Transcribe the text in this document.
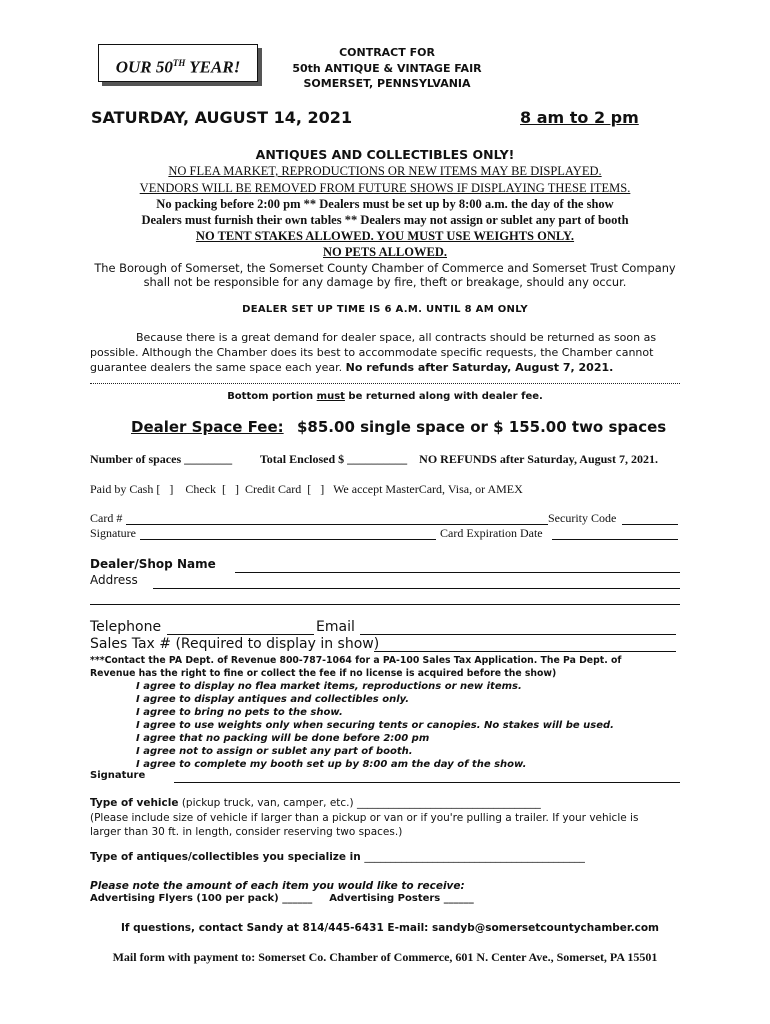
OUR 50TH YEAR!
CONTRACT FOR
50th ANTIQUE & VINTAGE FAIR
SOMERSET, PENNSYLVANIA
SATURDAY, AUGUST 14, 2021	8 am to 2 pm
ANTIQUES AND COLLECTIBLES ONLY!
NO FLEA MARKET, REPRODUCTIONS OR NEW ITEMS MAY BE DISPLAYED.
VENDORS WILL BE REMOVED FROM FUTURE SHOWS IF DISPLAYING THESE ITEMS.
No packing before 2:00 pm ** Dealers must be set up by 8:00 a.m. the day of the show
Dealers must furnish their own tables ** Dealers may not assign or sublet any part of booth
NO TENT STAKES ALLOWED. YOU MUST USE WEIGHTS ONLY.
NO PETS ALLOWED.
The Borough of Somerset, the Somerset County Chamber of Commerce and Somerset Trust Company
shall not be responsible for any damage by fire, theft or breakage, should any occur.
DEALER SET UP TIME IS 6 A.M. UNTIL 8 AM ONLY
Because there is a great demand for dealer space, all contracts should be returned as soon as possible. Although the Chamber does its best to accommodate specific requests, the Chamber cannot guarantee dealers the same space each year. No refunds after Saturday, August 7, 2021.
Bottom portion must be returned along with dealer fee.
Dealer Space Fee: $85.00 single space or $ 155.00 two spaces
Number of spaces ________ Total Enclosed $ __________ NO REFUNDS after Saturday, August 7, 2021.
Paid by Cash [   ]    Check  [   ]  Credit Card  [   ]   We accept MasterCard, Visa, or AMEX
Card #	Security Code
Signature	Card Expiration Date
Dealer/Shop Name
Address
Telephone	Email
Sales Tax # (Required to display in show)
***Contact the PA Dept. of Revenue 800-787-1064 for a PA-100 Sales Tax Application. The Pa Dept. of
Revenue has the right to fine or collect the fee if no license is acquired before the show)
I agree to display no flea market items, reproductions or new items.
I agree to display antiques and collectibles only.
I agree to bring no pets to the show.
I agree to use weights only when securing tents or canopies. No stakes will be used.
I agree that no packing will be done before 2:00 pm
I agree not to assign or sublet any part of booth.
I agree to complete my booth set up by 8:00 am the day of the show.
Signature
Type of vehicle (pickup truck, van, camper, etc.) ___________________________________
(Please include size of vehicle if larger than a pickup or van or if you're pulling a trailer. If your vehicle is
larger than 30 ft. in length, consider reserving two spaces.)
Type of antiques/collectibles you specialize in __________________________________________
Please note the amount of each item you would like to receive:
Advertising Flyers (100 per pack) ______ Advertising Posters ______
If questions, contact Sandy at 814/445-6431 E-mail: sandyb@somersetcountychamber.com
Mail form with payment to: Somerset Co. Chamber of Commerce, 601 N. Center Ave., Somerset, PA 15501
